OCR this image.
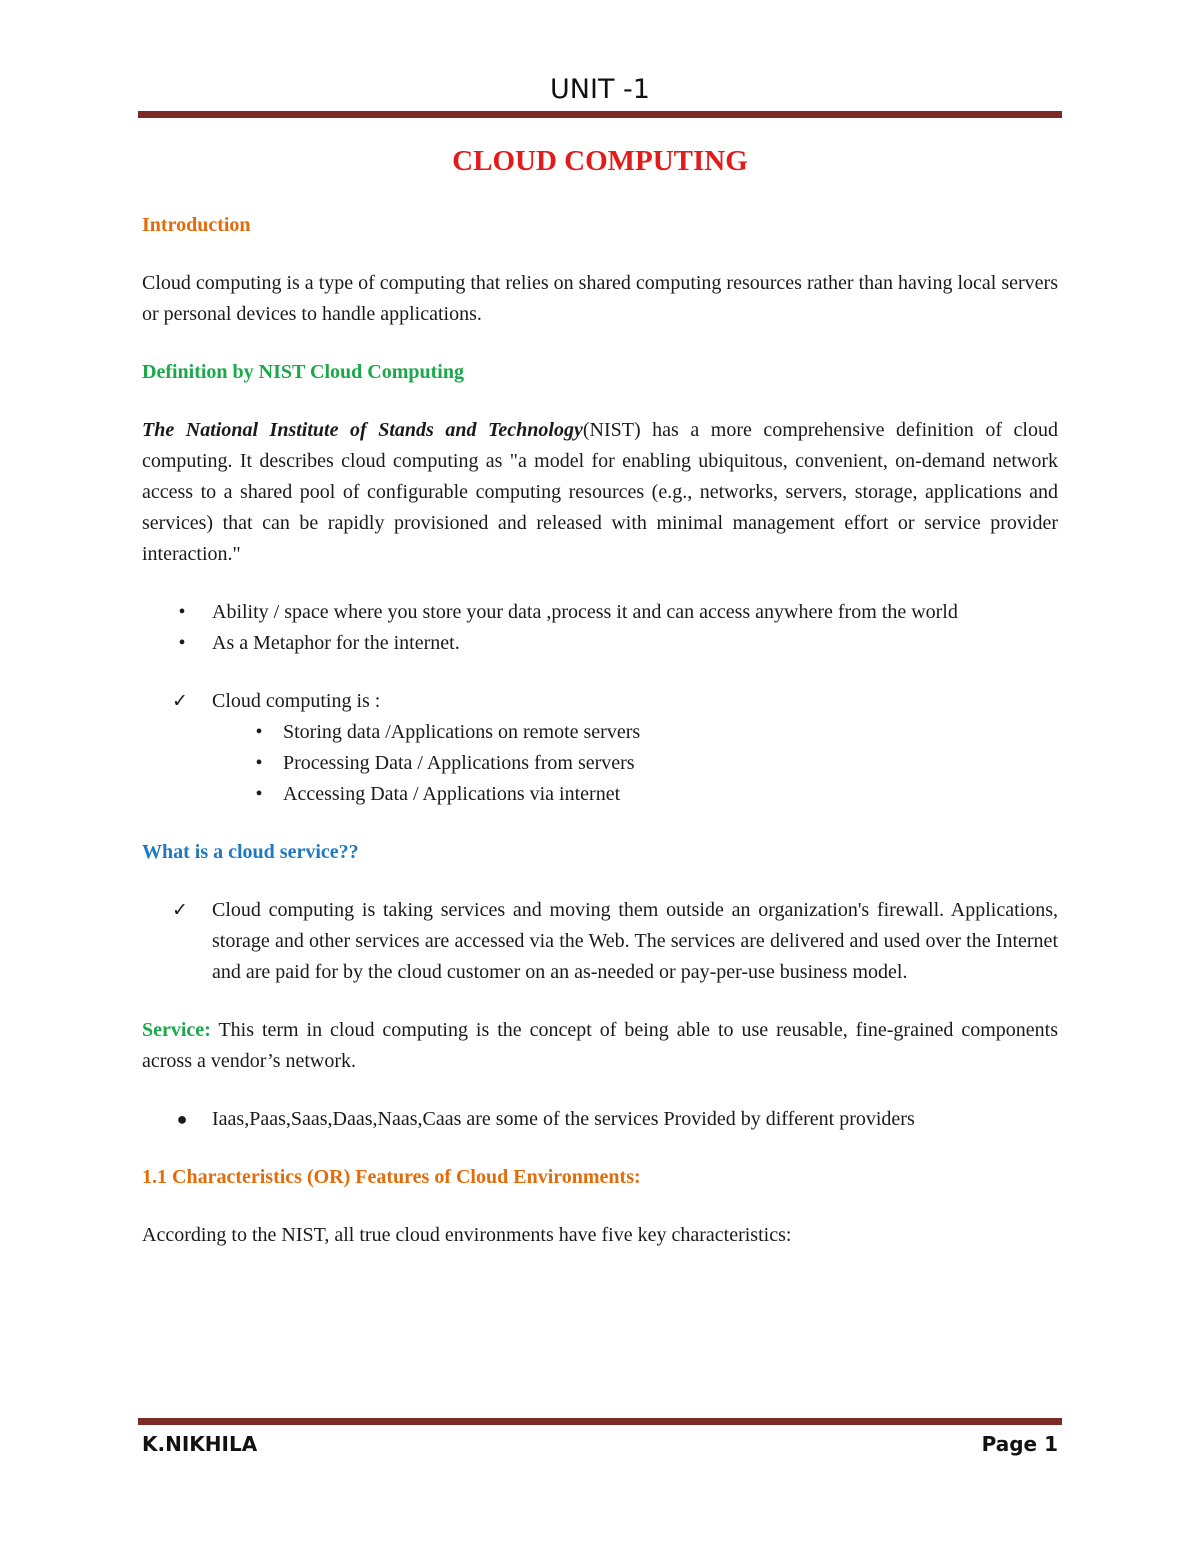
UNIT -1
CLOUD COMPUTING
Introduction

Cloud computing is a type of computing that relies on shared computing resources rather than having local servers or personal devices to handle applications.

Definition by NIST Cloud Computing

The National Institute of Stands and Technology(NIST) has a more comprehensive definition of cloud computing. It describes cloud computing as "a model for enabling ubiquitous, convenient, on-demand network access to a shared pool of configurable computing resources (e.g., networks, servers, storage, applications and services) that can be rapidly provisioned and released with minimal management effort or service provider interaction."

•	Ability / space where you store your data ,process it and can access anywhere from the world
•	As a Metaphor for the internet.
✓ Cloud computing is :
•	Storing data /Applications on remote servers
•	Processing Data / Applications from servers
•	Accessing Data / Applications via internet
What is a cloud service??
✓ Cloud computing is taking services and moving them outside an organization's firewall. Applications, storage and other services are accessed via the Web. The services are delivered and used over the Internet and are paid for by the cloud customer on an as-needed or pay-per-use business model.

Service: This term in cloud computing is the concept of being able to use reusable, fine-grained components across a vendor’s network.

● Iaas,Paas,Saas,Daas,Naas,Caas are some of the services Provided by different providers
1.1 Characteristics (OR) Features of Cloud Environments:

According to the NIST, all true cloud environments have five key characteristics:

K.NIKHILA	Page 1
